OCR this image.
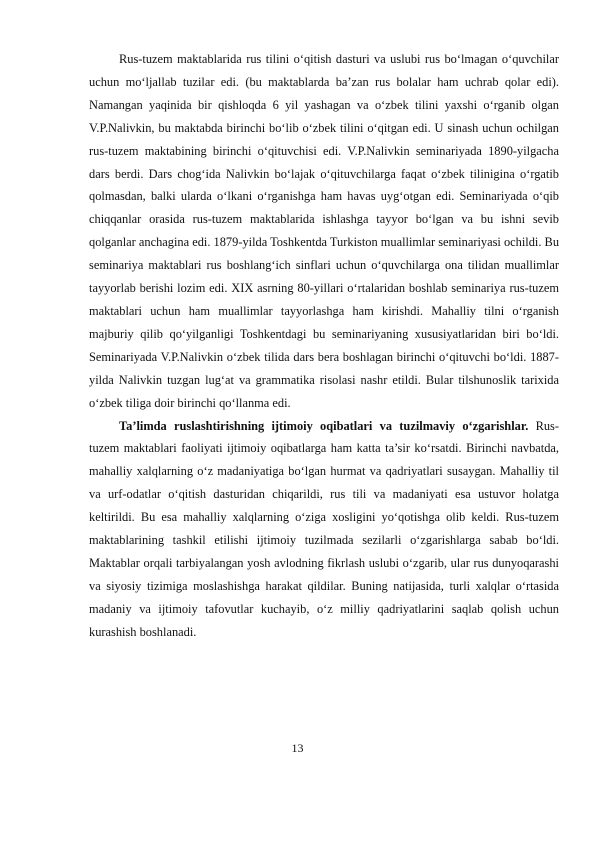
Rus-tuzem maktablarida rus tilini o‘qitish dasturi va uslubi rus bo‘lmagan o‘quvchilar uchun mo‘ljallab tuzilar edi. (bu maktablarda ba’zan rus bolalar ham uchrab qolar edi). Namangan yaqinida bir qishloqda 6 yil yashagan va o‘zbek tilini yaxshi o‘rganib olgan V.P.Nalivkin, bu maktabda birinchi bo‘lib o‘zbek tilini o‘qitgan edi. U sinash uchun ochilgan rus-tuzem maktabining birinchi o‘qituvchisi edi. V.P.Nalivkin seminariyada 1890-yilgacha dars berdi. Dars chog‘ida Nalivkin bo‘lajak o‘qituvchilarga faqat o‘zbek tilinigina o‘rgatib qolmasdan, balki ularda o‘lkani o‘rganishga ham havas uyg‘otgan edi. Seminariyada o‘qib chiqqanlar orasida rus-tuzem maktablarida ishlashga tayyor bo‘lgan va bu ishni sevib qolganlar anchagina edi. 1879-yilda Toshkentda Turkiston muallimlar seminariyasi ochildi. Bu seminariya maktablari rus boshlang‘ich sinflari uchun o‘quvchilarga ona tilidan muallimlar tayyorlab berishi lozim edi. XIX asrning 80-yillari o‘rtalaridan boshlab seminariya rus-tuzem maktablari uchun ham muallimlar tayyorlashga ham kirishdi. Mahalliy tilni o‘rganish majburiy qilib qo‘yilganligi Toshkentdagi bu seminariyaning xususiyatlaridan biri bo‘ldi. Seminariyada V.P.Nalivkin o‘zbek tilida dars bera boshlagan birinchi o‘qituvchi bo‘ldi. 1887-yilda Nalivkin tuzgan lug‘at va grammatika risolasi nashr etildi. Bular tilshunoslik tarixida o‘zbek tiliga doir birinchi qo‘llanma edi.

Ta’limda ruslashtirishning ijtimoiy oqibatlari va tuzilmaviy o‘zgarishlar. Rus-tuzem maktablari faoliyati ijtimoiy oqibatlarga ham katta ta’sir ko‘rsatdi. Birinchi navbatda, mahalliy xalqlarning o‘z madaniyatiga bo‘lgan hurmat va qadriyatlari susaygan. Mahalliy til va urf-odatlar o‘qitish dasturidan chiqarildi, rus tili va madaniyati esa ustuvor holatga keltirildi. Bu esa mahalliy xalqlarning o‘ziga xosligini yo‘qotishga olib keldi. Rus-tuzem maktablarining tashkil etilishi ijtimoiy tuzilmada sezilarli o‘zgarishlarga sabab bo‘ldi. Maktablar orqali tarbiyalangan yosh avlodning fikrlash uslubi o‘zgarib, ular rus dunyoqarashi va siyosiy tizimiga moslashishga harakat qildilar. Buning natijasida, turli xalqlar o‘rtasida madaniy va ijtimoiy tafovutlar kuchayib, o‘z milliy qadriyatlarini saqlab qolish uchun kurashish boshlanadi.

13
